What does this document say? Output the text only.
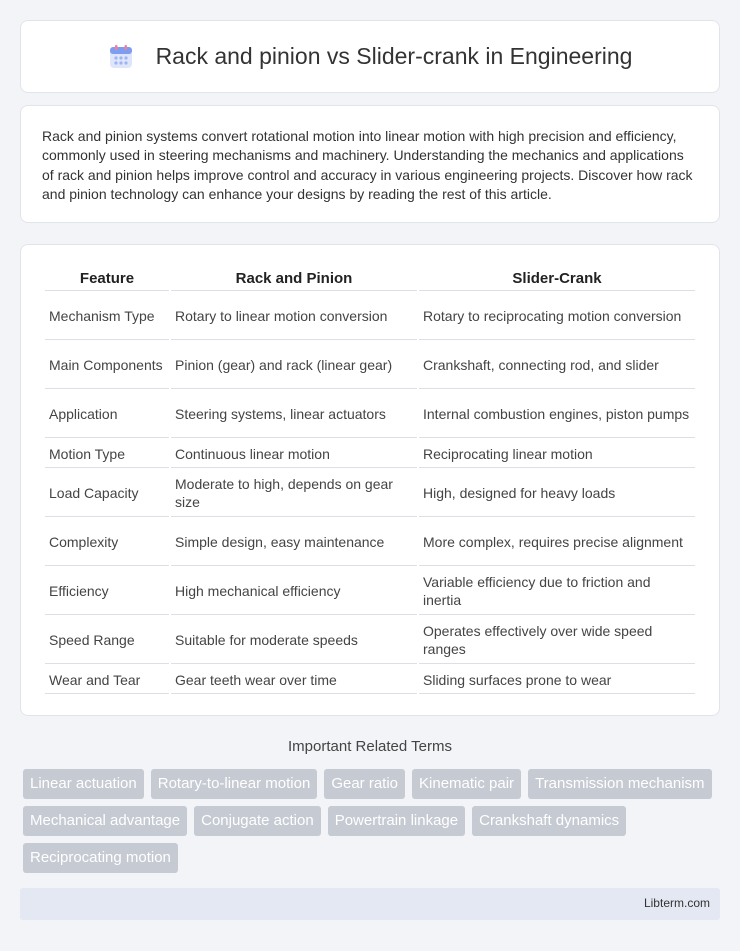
Rack and pinion vs Slider-crank in Engineering

Rack and pinion systems convert rotational motion into linear motion with high precision and efficiency, commonly used in steering mechanisms and machinery. Understanding the mechanics and applications of rack and pinion helps improve control and accuracy in various engineering projects. Discover how rack and pinion technology can enhance your designs by reading the rest of this article.

Feature	Rack and Pinion	Slider-Crank
Mechanism Type	Rotary to linear motion conversion	Rotary to reciprocating motion conversion
Main Components	Pinion (gear) and rack (linear gear)	Crankshaft, connecting rod, and slider
Application	Steering systems, linear actuators	Internal combustion engines, piston pumps
Motion Type	Continuous linear motion	Reciprocating linear motion
Load Capacity	Moderate to high, depends on gear size	High, designed for heavy loads
Complexity	Simple design, easy maintenance	More complex, requires precise alignment
Efficiency	High mechanical efficiency	Variable efficiency due to friction and inertia
Speed Range	Suitable for moderate speeds	Operates effectively over wide speed ranges
Wear and Tear	Gear teeth wear over time	Sliding surfaces prone to wear
Important Related Terms
Linear actuation	Rotary-to-linear motion	Gear ratio	Kinematic pair	Transmission mechanism
Mechanical advantage	Conjugate action	Powertrain linkage	Crankshaft dynamics
Reciprocating motion
Libterm.com
